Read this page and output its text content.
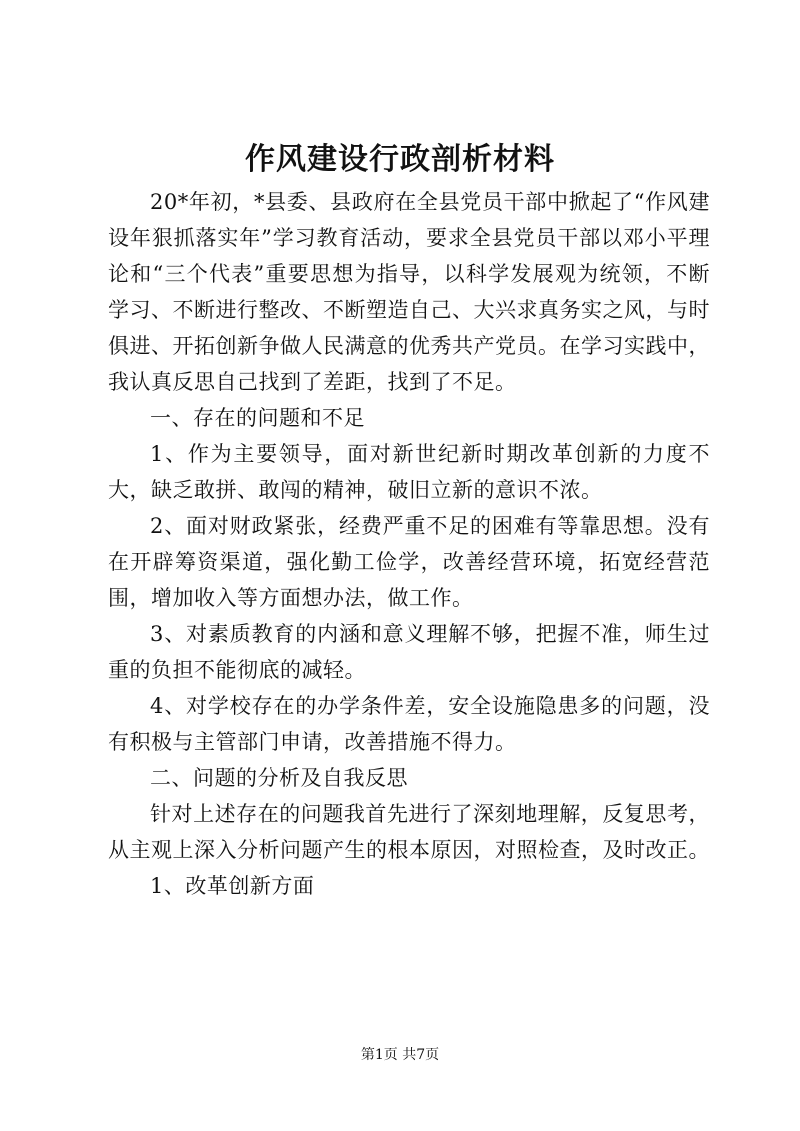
作风建设行政剖析材料

20*年初，*县委、县政府在全县党员干部中掀起了“作风建设年狠抓落实年”学习教育活动，要求全县党员干部以邓小平理论和“三个代表”重要思想为指导，以科学发展观为统领，不断学习、不断进行整改、不断塑造自己、大兴求真务实之风，与时俱进、开拓创新争做人民满意的优秀共产党员。在学习实践中，我认真反思自己找到了差距，找到了不足。

一、存在的问题和不足

1、作为主要领导，面对新世纪新时期改革创新的力度不大，缺乏敢拼、敢闯的精神，破旧立新的意识不浓。

2、面对财政紧张，经费严重不足的困难有等靠思想。没有在开辟筹资渠道，强化勤工俭学，改善经营环境，拓宽经营范围，增加收入等方面想办法，做工作。

3、对素质教育的内涵和意义理解不够，把握不准，师生过重的负担不能彻底的减轻。

4、对学校存在的办学条件差，安全设施隐患多的问题，没有积极与主管部门申请，改善措施不得力。

二、问题的分析及自我反思

针对上述存在的问题我首先进行了深刻地理解，反复思考，从主观上深入分析问题产生的根本原因，对照检查，及时改正。

1、改革创新方面

第1页 共7页
